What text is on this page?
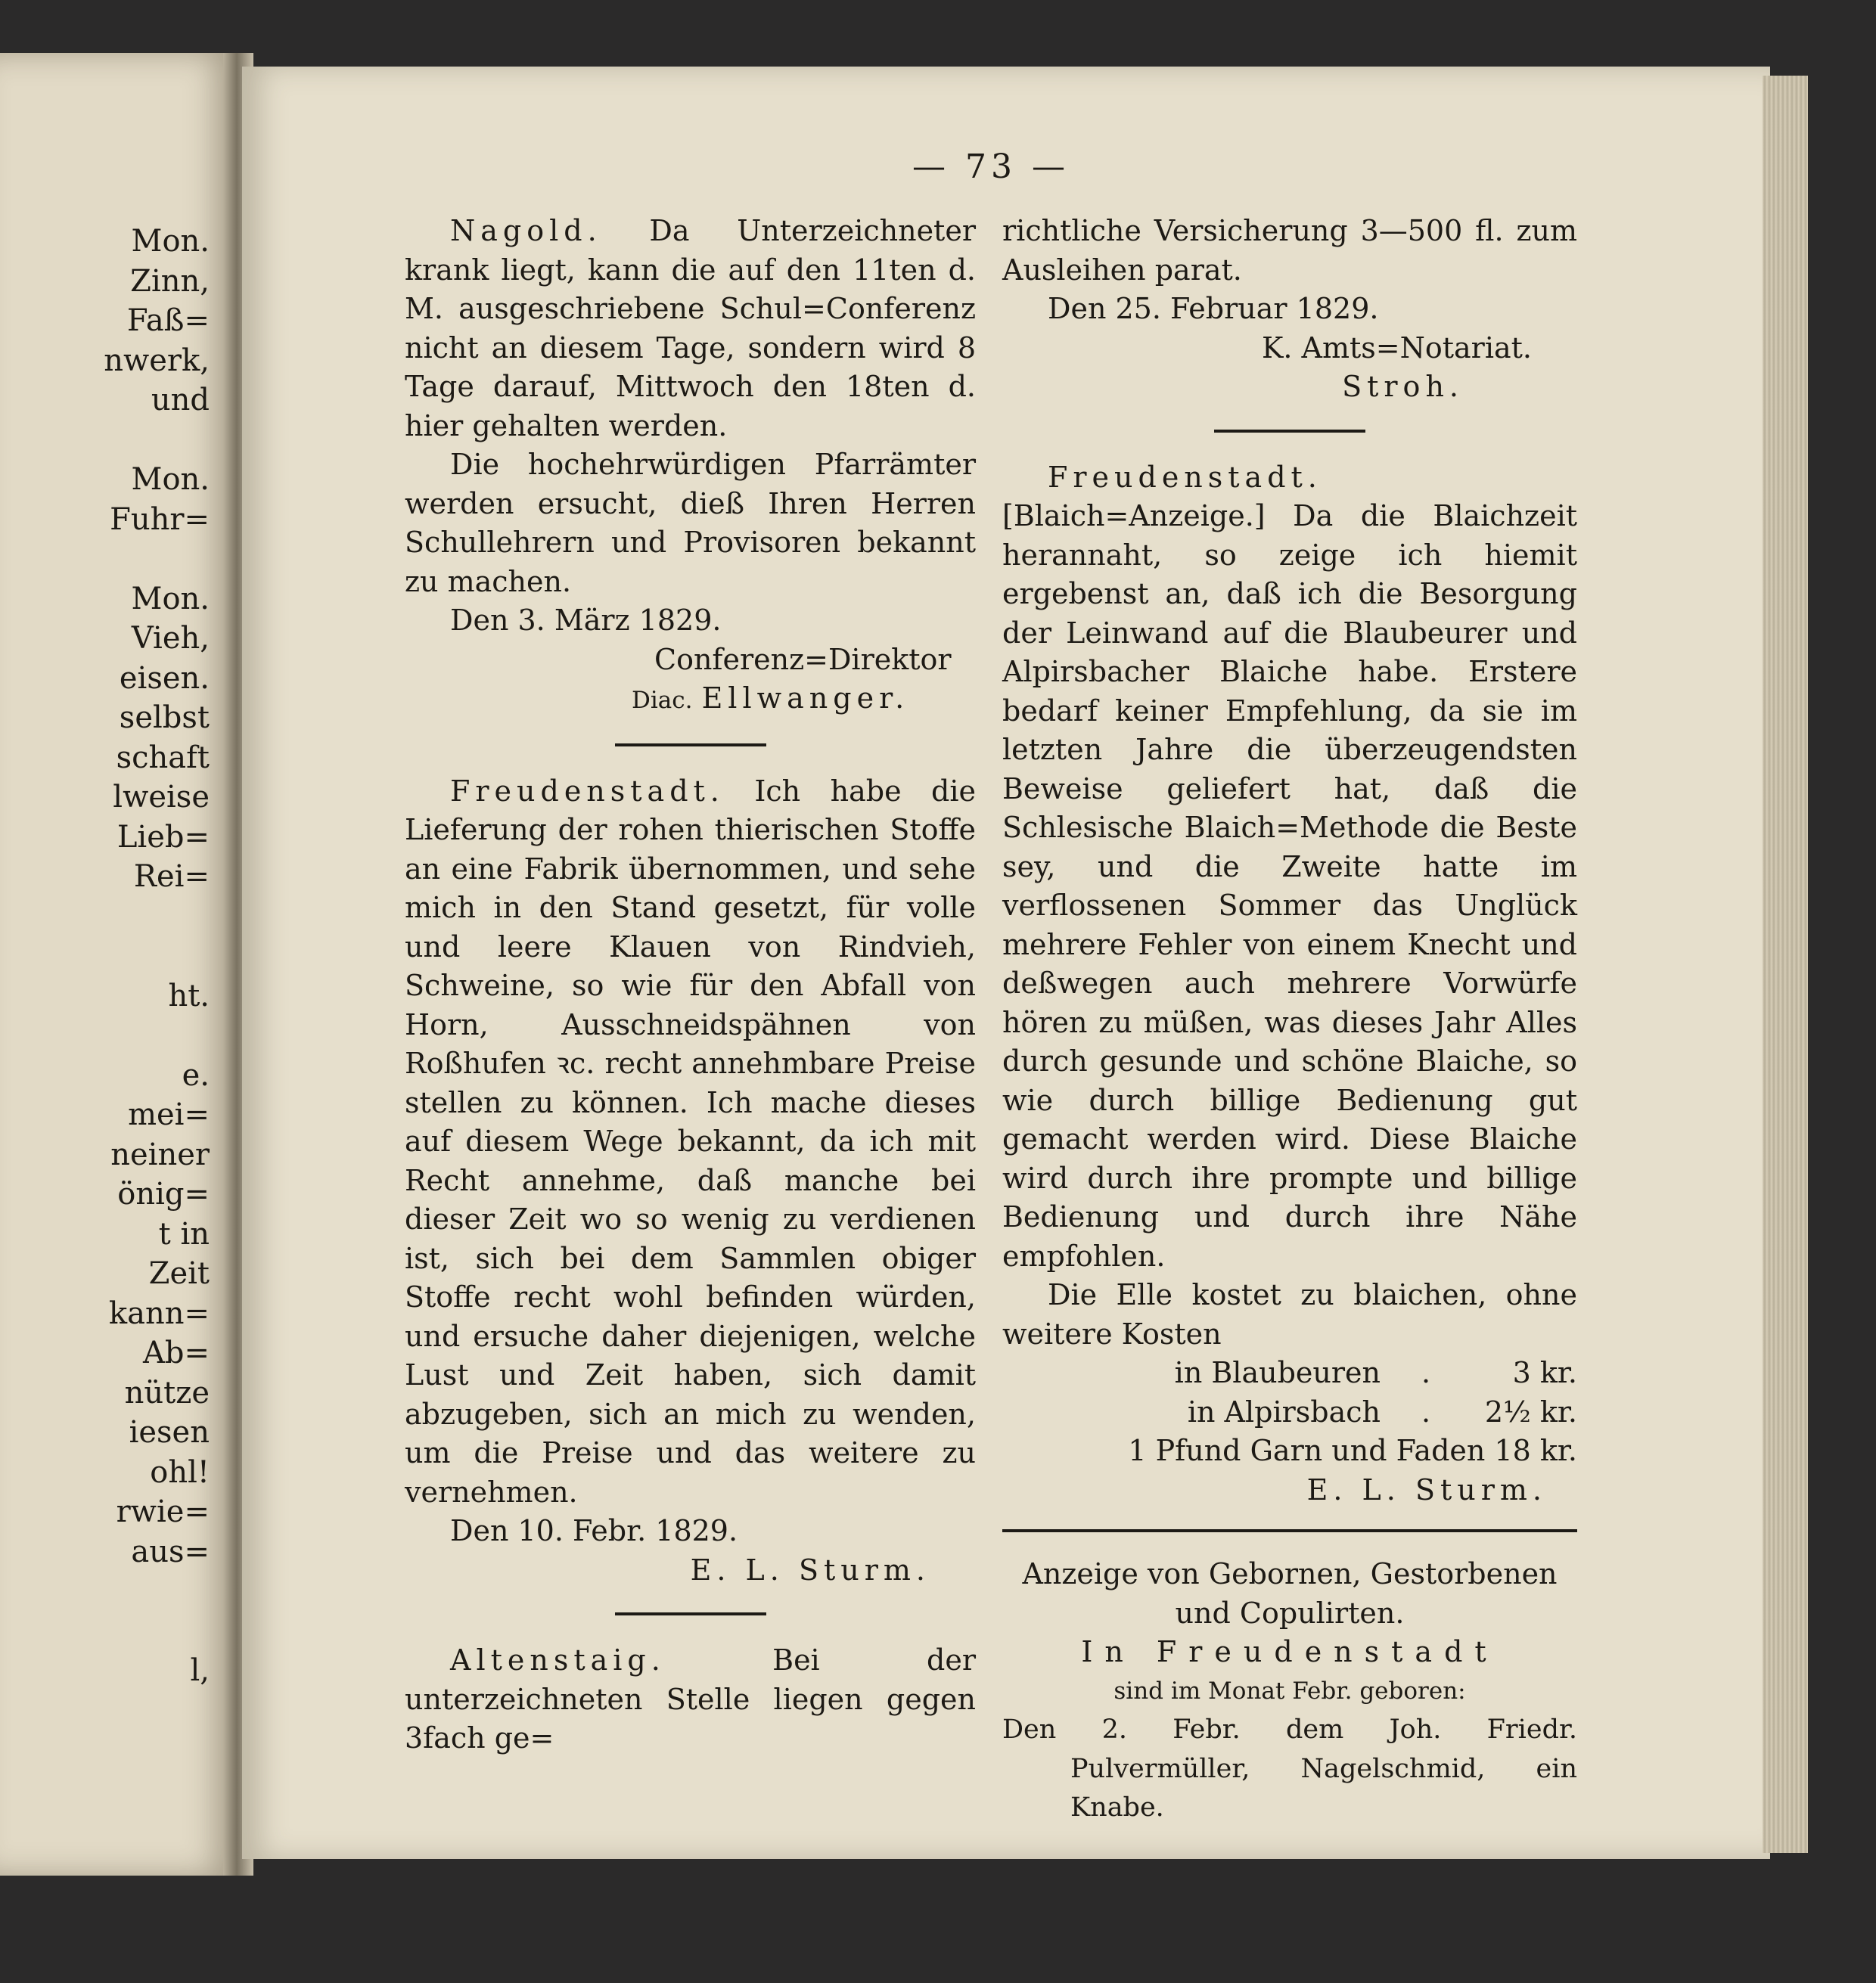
Mon.
Zinn,
Faß=
nwerk,
und
Mon.
Fuhr=
Mon.
Vieh,
eisen.
selbst
schaft
lweise
Lieb=
Rei=
ht.
e.
mei=
neiner
önig=
t in
Zeit
kann=
Ab=
nütze
iesen
ohl!
rwie=
aus=
l,
— 73 —

Nagold. Da Unterzeichneter krank liegt, kann die auf den 11ten d. M. ausgeschriebene Schul=Conferenz nicht an diesem Tage, sondern wird 8 Tage darauf, Mittwoch den 18ten d. hier gehalten werden.

Die hochehrwürdigen Pfarrämter werden ersucht, dieß Ihren Herren Schullehrern und Provisoren bekannt zu machen.

Den 3. März 1829.

Conferenz=Direktor

Diac. Ellwanger.

Freudenstadt. Ich habe die Lieferung der rohen thierischen Stoffe an eine Fabrik übernommen, und sehe mich in den Stand gesetzt, für volle und leere Klauen von Rindvieh, Schweine, so wie für den Abfall von Horn, Ausschneidspähnen von Roßhufen ꝛc. recht annehmbare Preise stellen zu können. Ich mache dieses auf diesem Wege bekannt, da ich mit Recht annehme, daß manche bei dieser Zeit wo so wenig zu verdienen ist, sich bei dem Sammlen obiger Stoffe recht wohl befinden würden, und ersuche daher diejenigen, welche Lust und Zeit haben, sich damit abzugeben, sich an mich zu wenden, um die Preise und das weitere zu vernehmen.

Den 10. Febr. 1829.

E. L. Sturm.

Altenstaig.	Bei der unterzeichneten Stelle liegen gegen 3fach ge=

richtliche Versicherung 3—500 fl. zum Ausleihen parat.

Den 25. Februar 1829.

K. Amts=Notariat.

Stroh.

Freudenstadt. [Blaich=Anzeige.] Da die Blaichzeit herannaht, so zeige ich hiemit ergebenst an, daß ich die Besorgung der Leinwand auf die Blaubeurer und Alpirsbacher Blaiche habe. Erstere bedarf keiner Empfehlung, da sie im letzten Jahre die überzeugendsten Beweise geliefert hat, daß die Schlesische Blaich=Methode die Beste sey, und die Zweite hatte im verflossenen Sommer das Unglück mehrere Fehler von einem Knecht und deßwegen auch mehrere Vorwürfe hören zu müßen, was dieses Jahr Alles durch gesunde und schöne Blaiche, so wie durch billige Bedienung gut gemacht werden wird. Diese Blaiche wird durch ihre prompte und billige Bedienung und durch ihre Nähe empfohlen.

Die Elle kostet zu blaichen, ohne weitere Kosten

in Blaubeuren	.	3 kr.
in Alpirsbach	.	2½ kr.

1 Pfund Garn und Faden 18 kr.

E. L. Sturm.

Anzeige von Gebornen, Gestorbenen und Copulirten.

In Freudenstadt

sind im Monat Febr. geboren:

Den 2. Febr. dem Joh. Friedr. Pulvermüller, Nagelschmid, ein Knabe.
